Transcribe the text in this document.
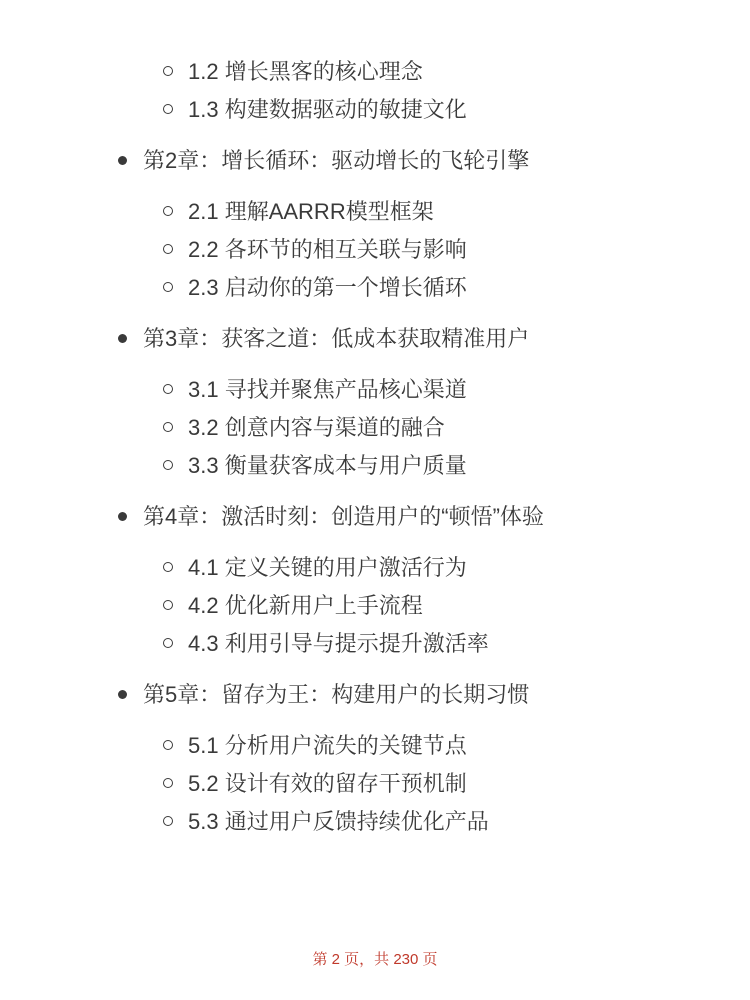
1.2 增长黑客的核心理念
1.3 构建数据驱动的敏捷文化
第2章：增长循环：驱动增长的飞轮引擎
2.1 理解AARRR模型框架
2.2 各环节的相互关联与影响
2.3 启动你的第一个增长循环
第3章：获客之道：低成本获取精准用户
3.1 寻找并聚焦产品核心渠道
3.2 创意内容与渠道的融合
3.3 衡量获客成本与用户质量
第4章：激活时刻：创造用户的“顿悟”体验
4.1 定义关键的用户激活行为
4.2 优化新用户上手流程
4.3 利用引导与提示提升激活率
第5章：留存为王：构建用户的长期习惯
5.1 分析用户流失的关键节点
5.2 设计有效的留存干预机制
5.3 通过用户反馈持续优化产品
第 2 页，共 230 页
